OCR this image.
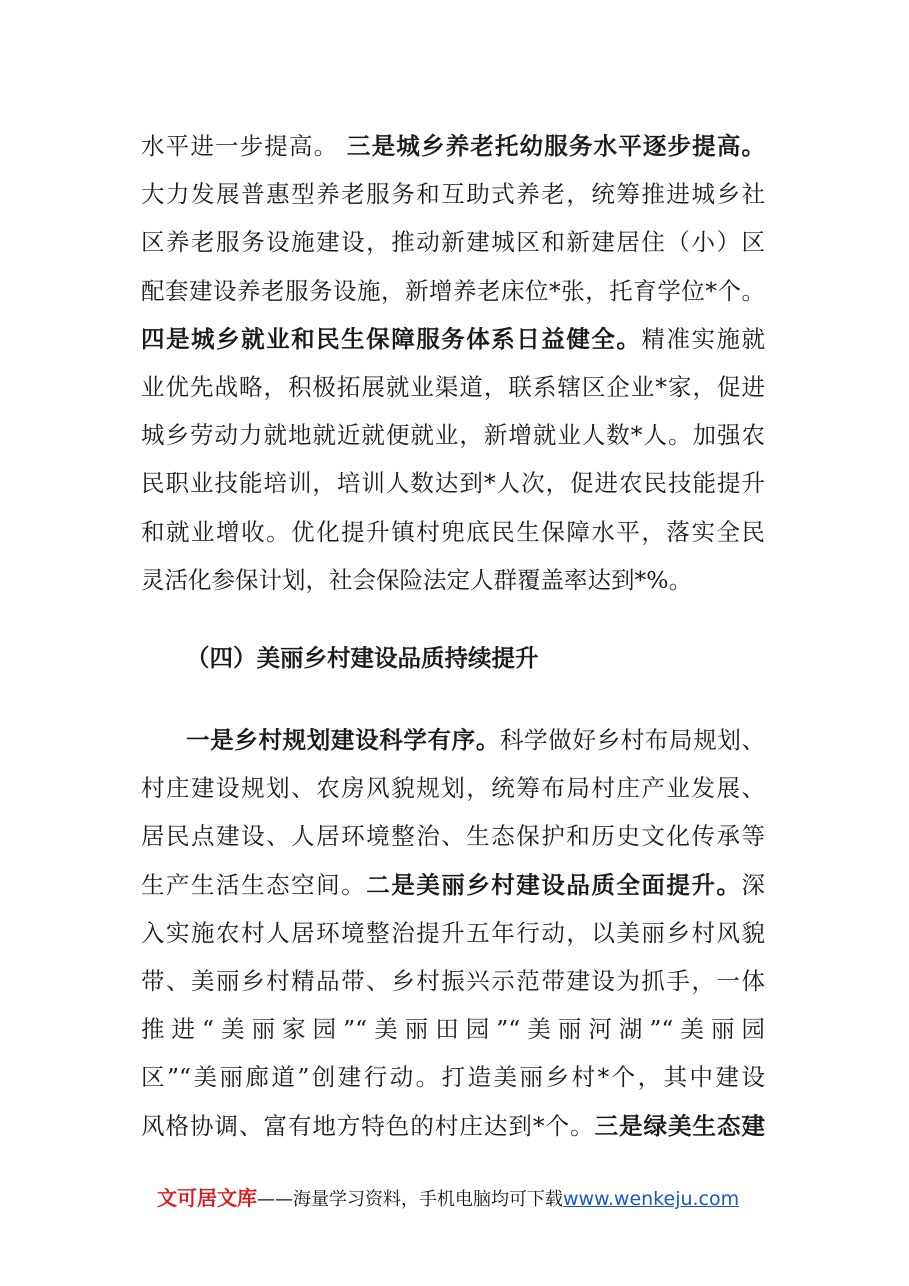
水平进一步提高。 三是城乡养老托幼服务水平逐步提高。
大力发展普惠型养老服务和互助式养老，统筹推进城乡社
区养老服务设施建设，推动新建城区和新建居住（小）区
配套建设养老服务设施，新增养老床位*张，托育学位*个。
四是城乡就业和民生保障服务体系日益健全。精准实施就
业优先战略，积极拓展就业渠道，联系辖区企业*家，促进
城乡劳动力就地就近就便就业，新增就业人数*人。加强农
民职业技能培训，培训人数达到*人次，促进农民技能提升
和就业增收。优化提升镇村兜底民生保障水平，落实全民
灵活化参保计划，社会保险法定人群覆盖率达到*%。
（四）美丽乡村建设品质持续提升
一是乡村规划建设科学有序。科学做好乡村布局规划、
村庄建设规划、农房风貌规划，统筹布局村庄产业发展、
居民点建设、人居环境整治、生态保护和历史文化传承等
生产生活生态空间。二是美丽乡村建设品质全面提升。深
入实施农村人居环境整治提升五年行动，以美丽乡村风貌
带、美丽乡村精品带、乡村振兴示范带建设为抓手，一体
推进“美丽家园”“美丽田园”“美丽河湖”“美丽园
区”“美丽廊道”创建行动。打造美丽乡村*个，其中建设
风格协调、富有地方特色的村庄达到*个。三是绿美生态建
文可居文库——海量学习资料，手机电脑均可下载www.wenkeju.com
